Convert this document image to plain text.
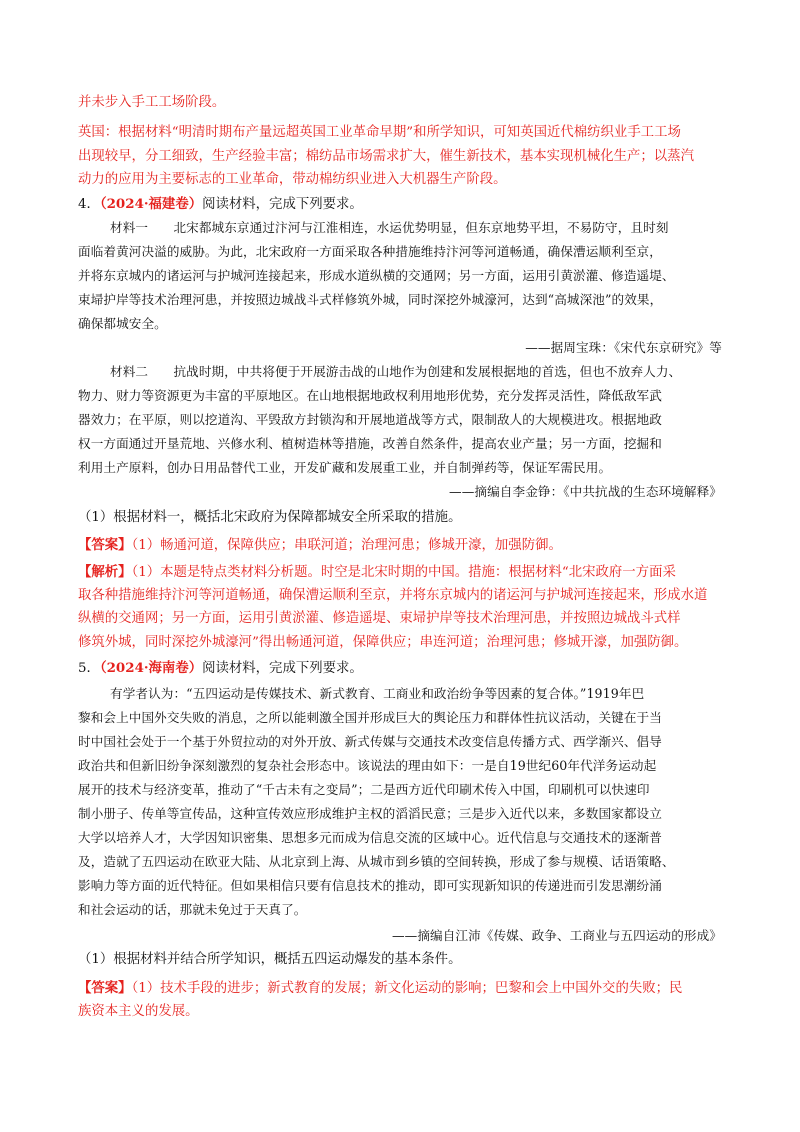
并未步入手工工场阶段。
英国：根据材料“明清时期布产量远超英国工业革命早期”和所学知识，可知英国近代棉纺织业手工工场
出现较早，分工细致，生产经验丰富；棉纺品市场需求扩大，催生新技术，基本实现机械化生产；以蒸汽
动力的应用为主要标志的工业革命，带动棉纺织业进入大机器生产阶段。
4．（2024·福建卷）阅读材料，完成下列要求。
材料一　　北宋都城东京通过汴河与江淮相连，水运优势明显，但东京地势平坦，不易防守，且时刻
面临着黄河决溢的威胁。为此，北宋政府一方面采取各种措施维持汴河等河道畅通，确保漕运顺利至京，
并将东京城内的诸运河与护城河连接起来，形成水道纵横的交通网；另一方面，运用引黄淤灌、修造遥堤、
束埽护岸等技术治理河患，并按照边城战斗式样修筑外城，同时深挖外城濠河，达到“高城深池”的效果，
确保都城安全。
——据周宝珠：《宋代东京研究》等
材料二　　抗战时期，中共将便于开展游击战的山地作为创建和发展根据地的首选，但也不放弃人力、
物力、财力等资源更为丰富的平原地区。在山地根据地政权利用地形优势，充分发挥灵活性，降低敌军武
器效力；在平原，则以挖道沟、平毁敌方封锁沟和开展地道战等方式，限制敌人的大规模进攻。根据地政
权一方面通过开垦荒地、兴修水利、植树造林等措施，改善自然条件，提高农业产量；另一方面，挖掘和
利用土产原料，创办日用品替代工业，开发矿藏和发展重工业，并自制弹药等，保证军需民用。
——摘编自李金铮：《中共抗战的生态环境解释》
（1）根据材料一，概括北宋政府为保障都城安全所采取的措施。
【答案】（1）畅通河道，保障供应；串联河道；治理河患；修城开濠，加强防御。
【解析】（1）本题是特点类材料分析题。时空是北宋时期的中国。措施：根据材料“北宋政府一方面采
取各种措施维持汴河等河道畅通，确保漕运顺利至京，并将东京城内的诸运河与护城河连接起来，形成水道
纵横的交通网；另一方面，运用引黄淤灌、修造遥堤、束埽护岸等技术治理河患，并按照边城战斗式样
修筑外城，同时深挖外城濠河”得出畅通河道，保障供应；串连河道；治理河患；修城开濠，加强防御。
5．（2024·海南卷）阅读材料，完成下列要求。
有学者认为：“五四运动是传媒技术、新式教育、工商业和政治纷争等因素的复合体。”1919年巴
黎和会上中国外交失败的消息，之所以能刺激全国并形成巨大的舆论压力和群体性抗议活动，关键在于当
时中国社会处于一个基于外贸拉动的对外开放、新式传媒与交通技术改变信息传播方式、西学渐兴、倡导
政治共和但新旧纷争深刻激烈的复杂社会形态中。该说法的理由如下：一是自19世纪60年代洋务运动起
展开的技术与经济变革，推动了“千古未有之变局”；二是西方近代印刷术传入中国，印刷机可以快速印
制小册子、传单等宣传品，这种宣传效应形成维护主权的滔滔民意；三是步入近代以来，多数国家都设立
大学以培养人才，大学因知识密集、思想多元而成为信息交流的区域中心。近代信息与交通技术的逐渐普
及，造就了五四运动在欧亚大陆、从北京到上海、从城市到乡镇的空间转换，形成了参与规模、话语策略、
影响力等方面的近代特征。但如果相信只要有信息技术的推动，即可实现新知识的传递进而引发思潮纷涌
和社会运动的话，那就未免过于天真了。
——摘编自江沛《传媒、政争、工商业与五四运动的形成》
（1）根据材料并结合所学知识，概括五四运动爆发的基本条件。
【答案】（1）技术手段的进步；新式教育的发展；新文化运动的影响；巴黎和会上中国外交的失败；民
族资本主义的发展。
